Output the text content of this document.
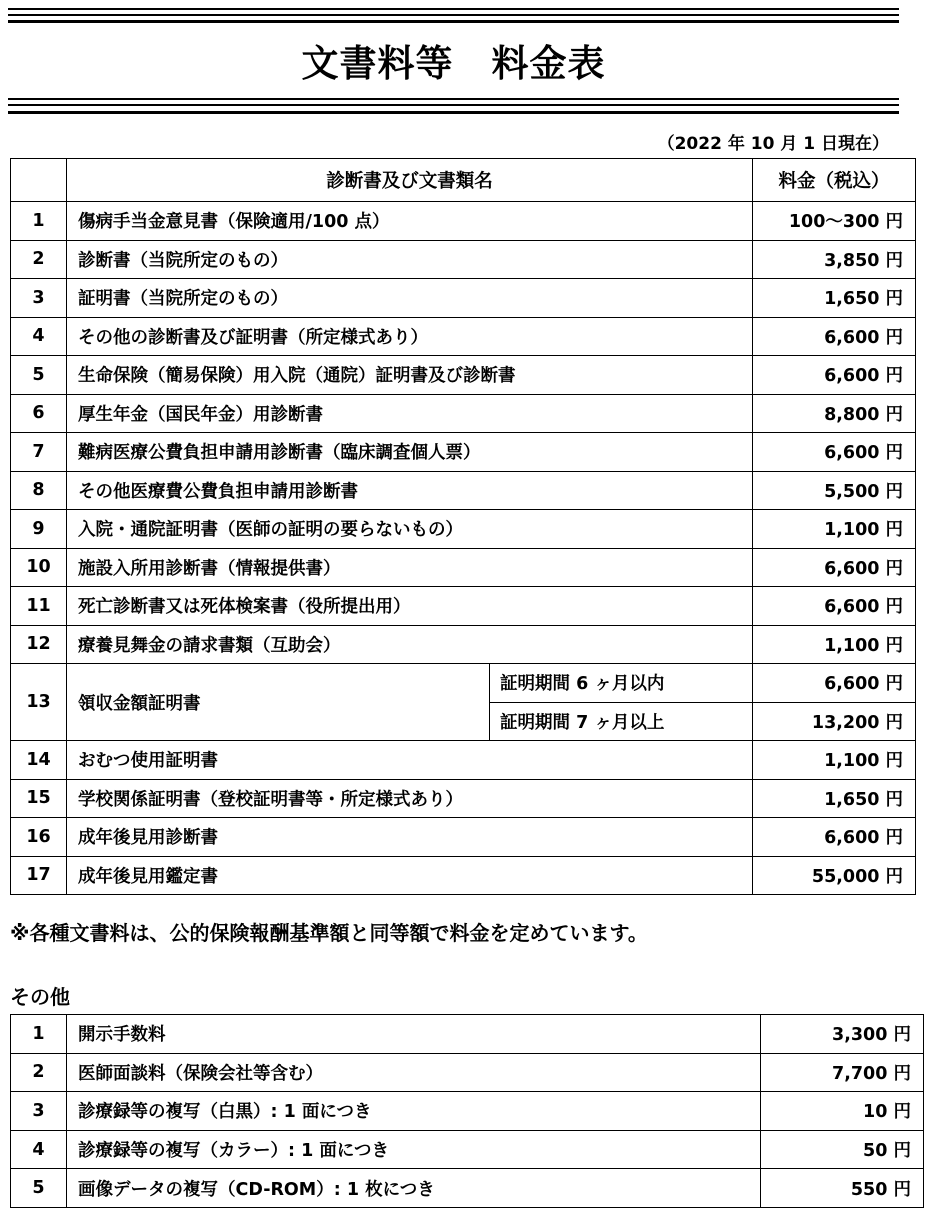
文書料等　料金表
（2022 年 10 月 1 日現在）
	診断書及び文書類名		料金（税込）
1	傷病手当金意見書（保険適用/100 点）		100～300 円
2	診断書（当院所定のもの）		3,850 円
3	証明書（当院所定のもの）		1,650 円
4	その他の診断書及び証明書（所定様式あり）		6,600 円
5	生命保険（簡易保険）用入院（通院）証明書及び診断書		6,600 円
6	厚生年金（国民年金）用診断書		8,800 円
7	難病医療公費負担申請用診断書（臨床調査個人票）		6,600 円
8	その他医療費公費負担申請用診断書		5,500 円
9	入院・通院証明書（医師の証明の要らないもの）		1,100 円
10	施設入所用診断書（情報提供書）		6,600 円
11	死亡診断書又は死体検案書（役所提出用）		6,600 円
12	療養見舞金の請求書類（互助会）		1,100 円
13	領収金額証明書	証明期間 6 ヶ月以内	6,600 円
		証明期間 7 ヶ月以上	13,200 円
14	おむつ使用証明書		1,100 円
15	学校関係証明書（登校証明書等・所定様式あり）		1,650 円
16	成年後見用診断書		6,600 円
17	成年後見用鑑定書		55,000 円
※各種文書料は、公的保険報酬基準額と同等額で料金を定めています。
その他
1	開示手数料	3,300 円
2	医師面談料（保険会社等含む）	7,700 円
3	診療録等の複写（白黒）: 1 面につき	10 円
4	診療録等の複写（カラー）: 1 面につき	50 円
5	画像データの複写（CD-ROM）: 1 枚につき	550 円
